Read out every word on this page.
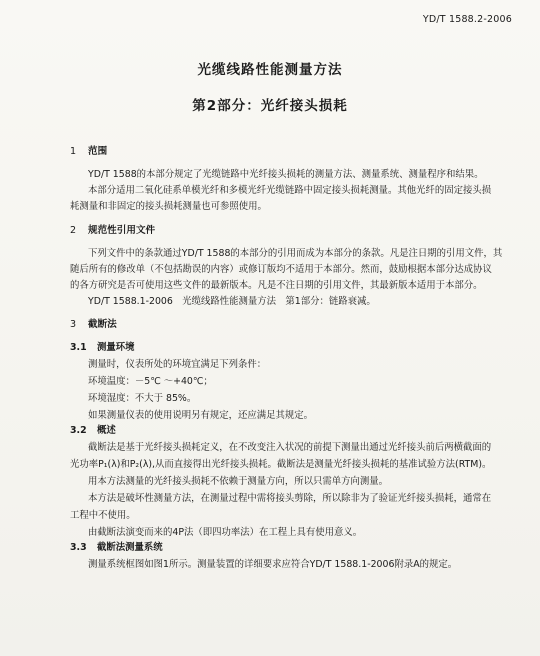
YD/T 1588.2-2006
光缆线路性能测量方法
第2部分：光纤接头损耗
1 范围
YD/T 1588的本部分规定了光缆链路中光纤接头损耗的测量方法、测量系统、测量程序和结果。
本部分适用二氧化硅系单模光纤和多模光纤光缆链路中固定接头损耗测量。其他光纤的固定接头损
耗测量和非固定的接头损耗测量也可参照使用。
2 规范性引用文件
下列文件中的条款通过YD/T 1588的本部分的引用而成为本部分的条款。凡是注日期的引用文件，其
随后所有的修改单（不包括勘误的内容）或修订版均不适用于本部分。然而，鼓励根据本部分达成协议
的各方研究是否可使用这些文件的最新版本。凡是不注日期的引用文件，其最新版本适用于本部分。
YD/T 1588.1-2006　光缆线路性能测量方法　第1部分：链路衰减。
3 截断法
3.1 测量环境
测量时，仪表所处的环境宜满足下列条件：
环境温度：－5℃ ～+40℃；
环境湿度：不大于 85%。
如果测量仪表的使用说明另有规定，还应满足其规定。
3.2 概述
截断法是基于光纤接头损耗定义，在不改变注入状况的前提下测量出通过光纤接头前后两横截面的
光功率P₁(λ)和P₂(λ),从而直接得出光纤接头损耗。截断法是测量光纤接头损耗的基准试验方法(RTM)。
用本方法测量的光纤接头损耗不依赖于测量方向，所以只需单方向测量。
本方法是破坏性测量方法，在测量过程中需将接头剪除，所以除非为了验证光纤接头损耗，通常在
工程中不使用。
由截断法演变而来的4P法（即四功率法）在工程上具有使用意义。
3.3 截断法测量系统
测量系统框图如图1所示。测量装置的详细要求应符合YD/T 1588.1-2006附录A的规定。
